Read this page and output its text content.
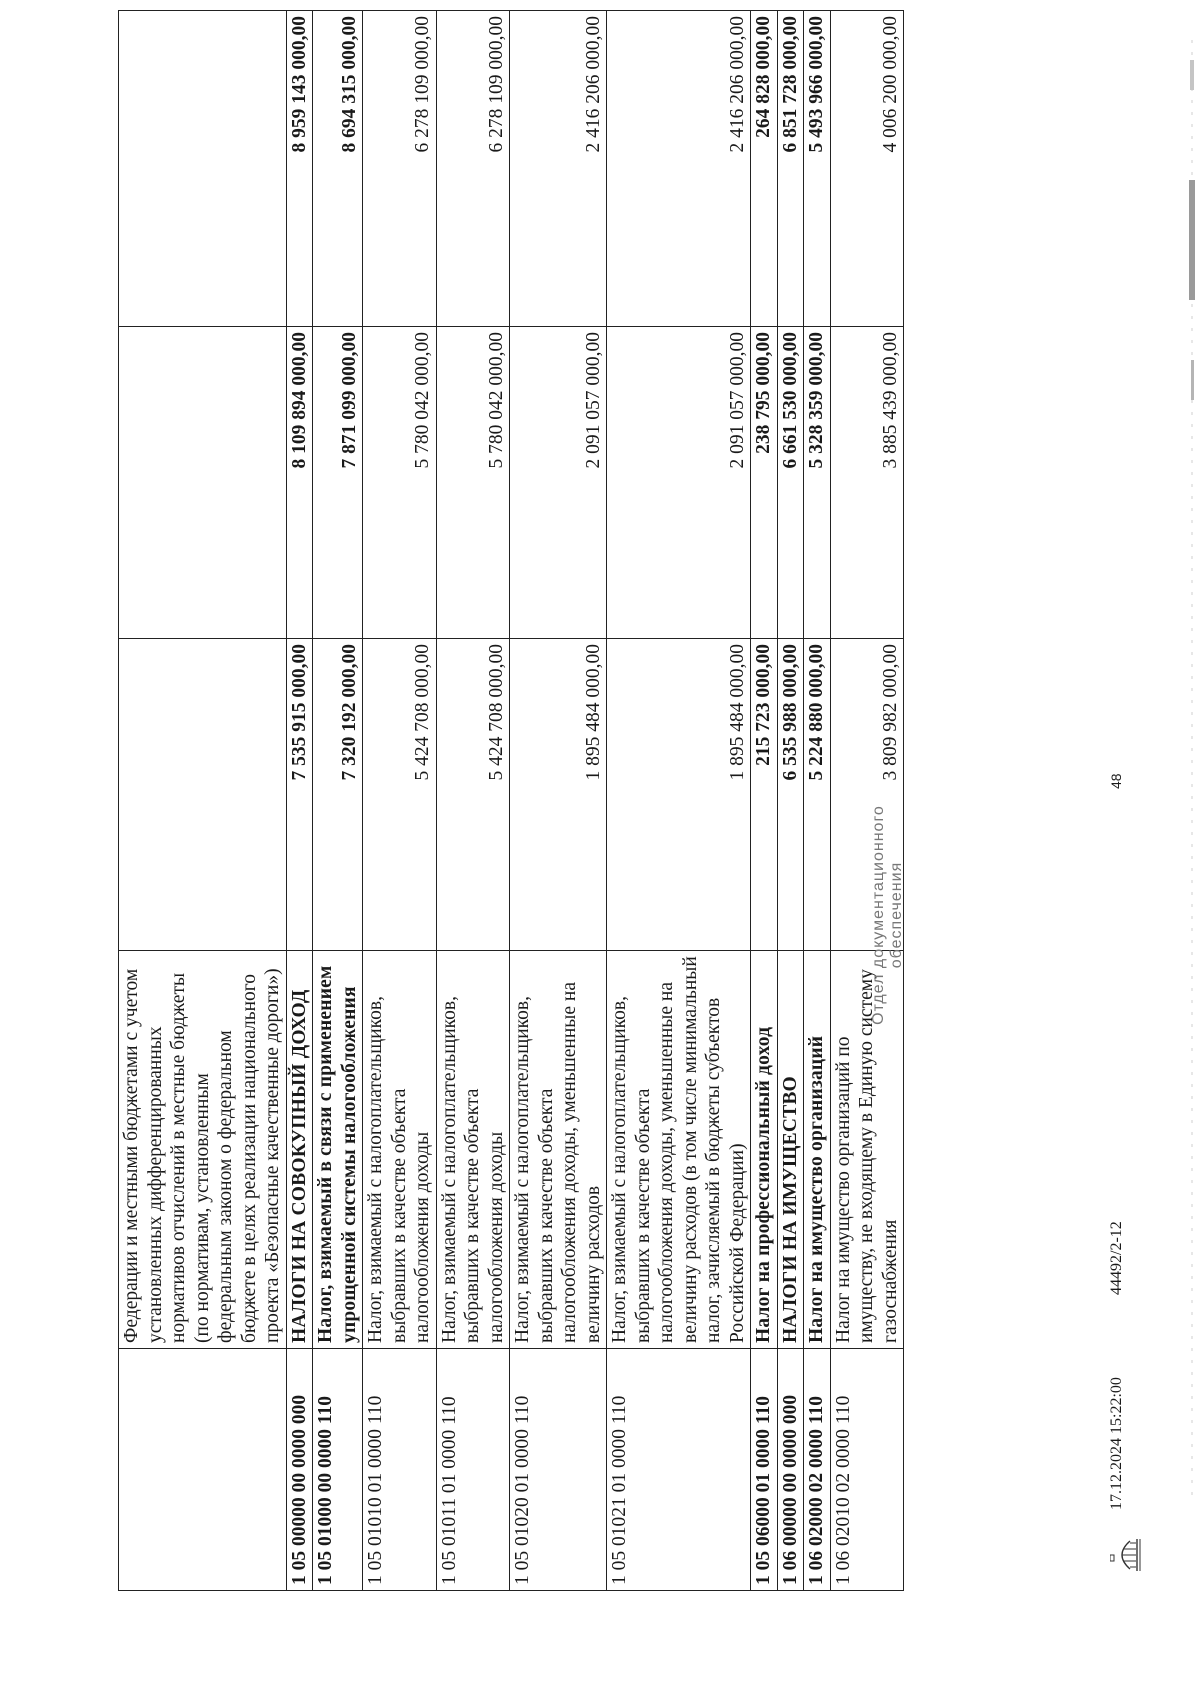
	Федерации и местными бюджетами с учетом установленных дифференцированных нормативов отчислений в местные бюджеты (по нормативам, установленным федеральным законом о федеральном бюджете в целях реализации национального проекта «Безопасные качественные дороги»)			
1 05 00000 00 0000 000	НАЛОГИ НА СОВОКУПНЫЙ ДОХОД	7 535 915 000,00	8 109 894 000,00	8 959 143 000,00
1 05 01000 00 0000 110	Налог, взимаемый в связи с применением упрощенной системы налогообложения	7 320 192 000,00	7 871 099 000,00	8 694 315 000,00
1 05 01010 01 0000 110	Налог, взимаемый с налогоплательщиков, выбравших в качестве объекта налогообложения доходы	5 424 708 000,00	5 780 042 000,00	6 278 109 000,00
1 05 01011 01 0000 110	Налог, взимаемый с налогоплательщиков, выбравших в качестве объекта налогообложения доходы	5 424 708 000,00	5 780 042 000,00	6 278 109 000,00
1 05 01020 01 0000 110	Налог, взимаемый с налогоплательщиков, выбравших в качестве объекта налогообложения доходы, уменьшенные на величину расходов	1 895 484 000,00	2 091 057 000,00	2 416 206 000,00
1 05 01021 01 0000 110	Налог, взимаемый с налогоплательщиков, выбравших в качестве объекта налогообложения доходы, уменьшенные на величину расходов (в том числе минимальный налог, зачисляемый в бюджеты субъектов Российской Федерации)	1 895 484 000,00	2 091 057 000,00	2 416 206 000,00
1 05 06000 01 0000 110	Налог на профессиональный доход	215 723 000,00	238 795 000,00	264 828 000,00
1 06 00000 00 0000 000	НАЛОГИ НА ИМУЩЕСТВО	6 535 988 000,00	6 661 530 000,00	6 851 728 000,00
1 06 02000 02 0000 110	Налог на имущество организаций	5 224 880 000,00	5 328 359 000,00	5 493 966 000,00
1 06 02010 02 0000 110	Налог на имущество организаций по имуществу, не входящему в Единую систему газоснабжения	3 809 982 000,00	3 885 439 000,00	4 006 200 000,00
48
Отдел документационного обеспечения
17.12.2024 15:22:00
44492/2-12
